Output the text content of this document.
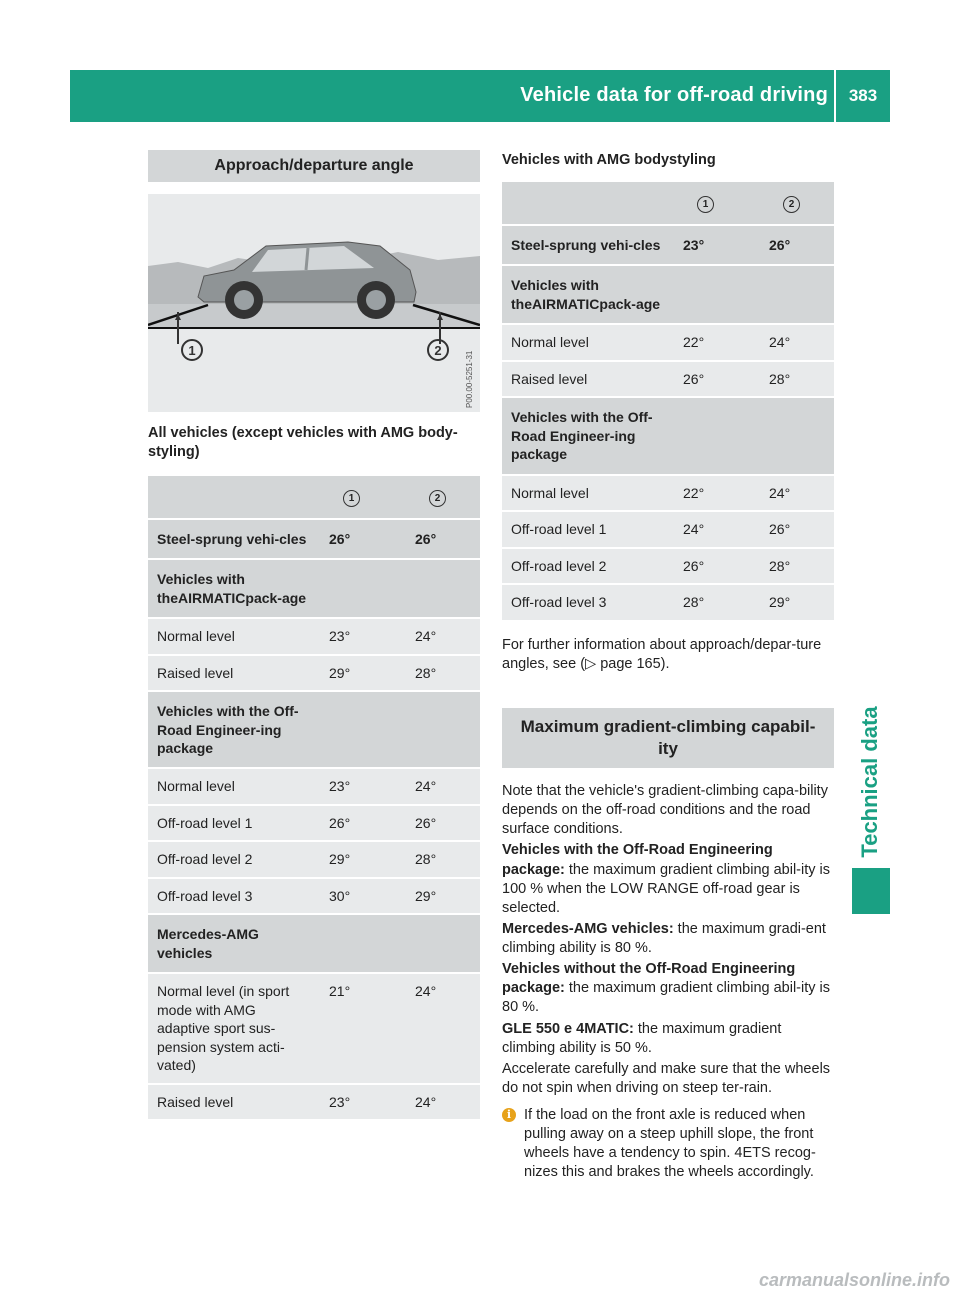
Vehicle data for off-road driving	383
Technical data
Approach/departure angle
1	2
P00.00-5251-31
All vehicles (except vehicles with AMG body-styling)
	1	2
Steel-sprung vehi-cles	26°	26°
Vehicles with theAIRMATICpack-age		
Normal level	23°	24°
Raised level	29°	28°
Vehicles with the Off-Road Engineer-ing package		
Normal level	23°	24°
Off-road level 1	26°	26°
Off-road level 2	29°	28°
Off-road level 3	30°	29°
Mercedes-AMG vehicles		
Normal level (in sport mode with AMG adaptive sport sus-pension system acti-vated)	21°	24°
Raised level	23°	24°
Vehicles with AMG bodystyling
	1	2
Steel-sprung vehi-cles	23°	26°
Vehicles with theAIRMATICpack-age		
Normal level	22°	24°
Raised level	26°	28°
Vehicles with the Off-Road Engineer-ing package		
Normal level	22°	24°
Off-road level 1	24°	26°
Off-road level 2	26°	28°
Off-road level 3	28°	29°
For further information about approach/depar-ture angles, see (▷ page 165).
Maximum gradient-climbing capabil-ity

Note that the vehicle's gradient-climbing capa-bility depends on the off-road conditions and the road surface conditions.

Vehicles with the Off-Road Engineering package: the maximum gradient climbing abil-ity is 100 % when the LOW RANGE off-road gear is selected.

Mercedes-AMG vehicles: the maximum gradi-ent climbing ability is 80 %.

Vehicles without the Off-Road Engineering package: the maximum gradient climbing abil-ity is 80 %.

GLE 550 e 4MATIC: the maximum gradient climbing ability is 50 %.

Accelerate carefully and make sure that the wheels do not spin when driving on steep ter-rain.

i If the load on the front axle is reduced when pulling away on a steep uphill slope, the front wheels have a tendency to spin. 4ETS recog-nizes this and brakes the wheels accordingly.
carmanualsonline.info
